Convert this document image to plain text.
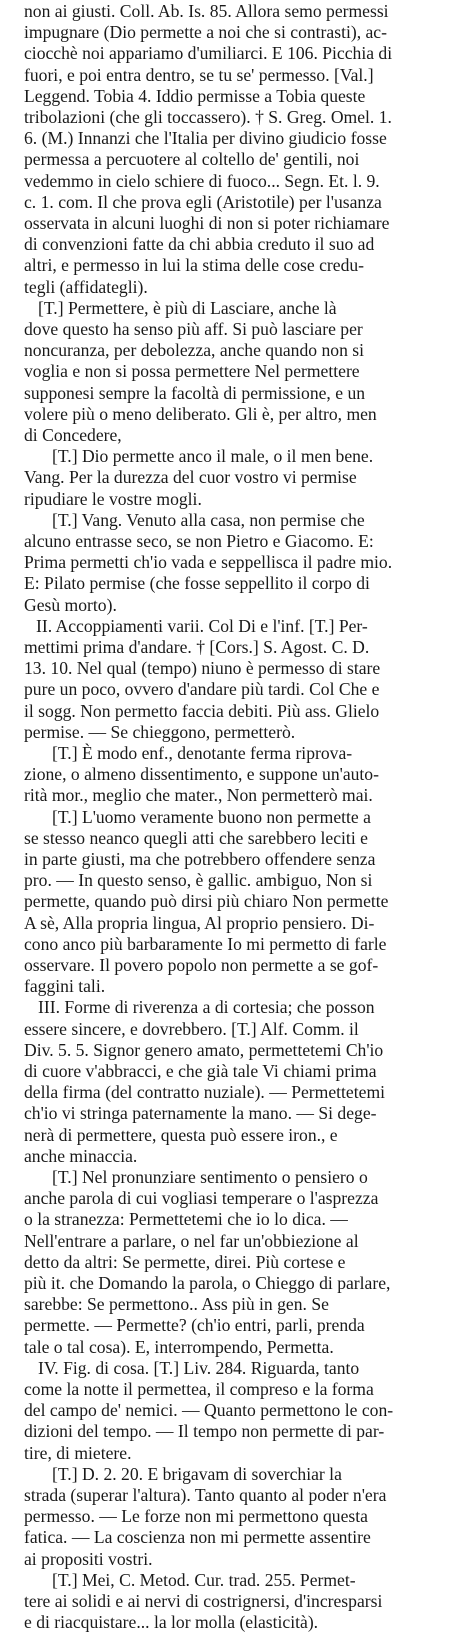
non ai giusti. Coll. Ab. Is. 85. Allora semo permessi
impugnare (Dio permette a noi che si contrasti), ac-
ciocchè noi appariamo d'umiliarci. E 106. Picchia di
fuori, e poi entra dentro, se tu se' permesso. [Val.]
Leggend. Tobia 4. Iddio permisse a Tobia queste
tribolazioni (che gli toccassero). † S. Greg. Omel. 1.
6. (M.) Innanzi che l'Italia per divino giudicio fosse
permessa a percuotere al coltello de' gentili, noi
vedemmo in cielo schiere di fuoco... Segn. Et. l. 9.
c. 1. com. Il che prova egli (Aristotile) per l'usanza
osservata in alcuni luoghi di non si poter richiamare
di convenzioni fatte da chi abbia creduto il suo ad
altri, e permesso in lui la stima delle cose credu-
tegli (affidategli).
[T.] Permettere, è più di Lasciare, anche là
dove questo ha senso più aff. Si può lasciare per
noncuranza, per debolezza, anche quando non si
voglia e non si possa permettere Nel permettere
supponesi sempre la facoltà di permissione, e un
volere più o meno deliberato. Gli è, per altro, men
di Concedere,
[T.] Dio permette anco il male, o il men bene.
Vang. Per la durezza del cuor vostro vi permise
ripudiare le vostre mogli.
[T.] Vang. Venuto alla casa, non permise che
alcuno entrasse seco, se non Pietro e Giacomo. E:
Prima permetti ch'io vada e seppellisca il padre mio.
E: Pilato permise (che fosse seppellito il corpo di
Gesù morto).
II. Accoppiamenti varii. Col Di e l'inf. [T.] Per-
mettimi prima d'andare. † [Cors.] S. Agost. C. D.
13. 10. Nel qual (tempo) niuno è permesso di stare
pure un poco, ovvero d'andare più tardi. Col Che e
il sogg. Non permetto faccia debiti. Più ass. Glielo
permise. — Se chieggono, permetterò.
[T.] È modo enf., denotante ferma riprova-
zione, o almeno dissentimento, e suppone un'auto-
rità mor., meglio che mater., Non permetterò mai.
[T.] L'uomo veramente buono non permette a
se stesso neanco quegli atti che sarebbero leciti e
in parte giusti, ma che potrebbero offendere senza
pro. — In questo senso, è gallic. ambiguo, Non si
permette, quando può dirsi più chiaro Non permette
A sè, Alla propria lingua, Al proprio pensiero. Di-
cono anco più barbaramente Io mi permetto di farle
osservare. Il povero popolo non permette a se gof-
faggini tali.
III. Forme di riverenza a di cortesia; che posson
essere sincere, e dovrebbero. [T.] Alf. Comm. il
Div. 5. 5. Signor genero amato, permettetemi Ch'io
di cuore v'abbracci, e che già tale Vi chiami prima
della firma (del contratto nuziale). — Permettetemi
ch'io vi stringa paternamente la mano. — Si dege-
nerà di permettere, questa può essere iron., e
anche minaccia.
[T.] Nel pronunziare sentimento o pensiero o
anche parola di cui vogliasi temperare o l'asprezza
o la stranezza: Permettetemi che io lo dica. —
Nell'entrare a parlare, o nel far un'obbiezione al
detto da altri: Se permette, direi. Più cortese e
più it. che Domando la parola, o Chieggo di parlare,
sarebbe: Se permettono.. Ass più in gen. Se
permette. — Permette? (ch'io entri, parli, prenda
tale o tal cosa). E, interrompendo, Permetta.
IV. Fig. di cosa. [T.] Liv. 284. Riguarda, tanto
come la notte il permettea, il compreso e la forma
del campo de' nemici. — Quanto permettono le con-
dizioni del tempo. — Il tempo non permette di par-
tire, di mietere.
[T.] D. 2. 20. E brigavam di soverchiar la
strada (superar l'altura). Tanto quanto al poder n'era
permesso. — Le forze non mi permettono questa
fatica. — La coscienza non mi permette assentire
ai propositi vostri.
[T.] Mei, C. Metod. Cur. trad. 255. Permet-
tere ai solidi e ai nervi di costrignersi, d'incresparsi
e di riacquistare... la lor molla (elasticità).
